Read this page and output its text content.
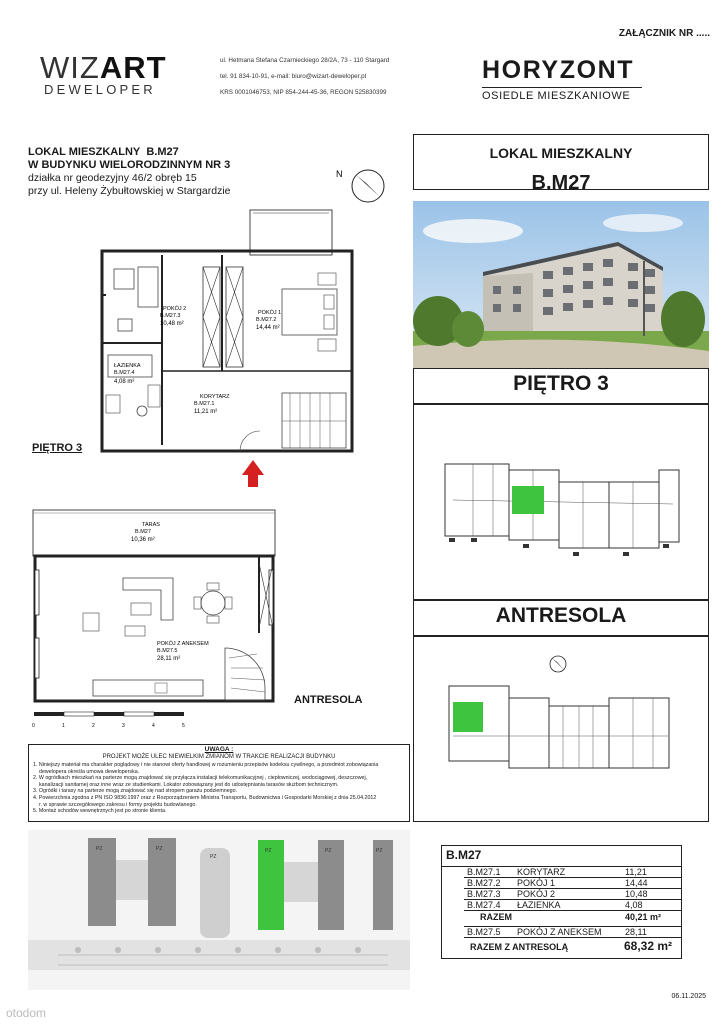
ZAŁĄCZNIK NR .....
WIZART
DEWELOPER
ul. Hetmana Stefana Czarnieckiego 28/2A, 73 - 110 Stargard
tel. 91 834-10-91, e-mail: biuro@wizart-deweloper.pl
KRS 0001046753, NIP 854-244-45-36, REGON 525830399
HORYZONT
OSIEDLE MIESZKANIOWE
LOKAL MIESZKALNY B.M27
W BUDYNKU WIELORODZINNYM NR 3
działka nr geodezyjny 46/2 obręb 15
przy ul. Heleny Żybułtowskiej w Stargardzie
N
POKÓJ 2
B.M27.3
10,48 m²
POKÓJ 1
B.M27.2
14,44 m²
ŁAZIENKA
B.M27.4
4,08 m²
KORYTARZ
B.M27.1
11,21 m²
PIĘTRO 3
TARAS
B.M27
10,36 m²
POKÓJ Z ANEKSEM
B.M27.5
28,11 m²
ANTRESOLA
0	1	2	3	4	5
LOKAL MIESZKALNY
B.M27
PIĘTRO 3
ANTRESOLA
UWAGA :
PROJEKT MOŻE ULEC NIEWIELKIM ZMIANOM W TRAKCIE REALIZACJI BUDYNKU
1. Niniejszy materiał ma charakter poglądowy i nie stanowi oferty handlowej w rozumieniu przepisów kodeksu cywilnego, a przedmiot zobowiązania
dewelopera określa umowa deweloperska.
2. W ogródkach mieszkań na parterze mogą znajdować się przyłącza instalacji telekomunikacyjnej , ciepłowniczej, wodociągowej, deszczowej,
kanalizacji sanitarnej oraz inne wraz ze studienkami. Lokator zobowiązany jest do udostępniania tarasów służbom technicznym.
3. Ogródki i tarasy na parterze mogą znajdować się nad stropem garażu podziemnego.
4. Powierzchnia zgodna z PN ISO 9836:1997 oraz z Rozporządzeniem Ministra Transportu, Budownictwa i Gospodarki Morskiej z dnia 25.04.2012
r. w sprawie szczegółowego zakresu i formy projektu budowlanego.
5. Montaż schodów wewnętrznych jest po stronie klienta.
PZ	PZ
PZ
PZ	PZ	PZ	B.M27
B.M27.1 KORYTARZ	11,21
B.M27.2 POKÓJ 1	14,44
B.M27.3 POKÓJ 2	10,48
B.M27.4 ŁAZIENKA	4,08
RAZEM	40,21 m²
B.M27.5 POKÓJ Z ANEKSEM	28,11
RAZEM Z ANTRESOLĄ	68,32 m²
06.11.2025
otodom
